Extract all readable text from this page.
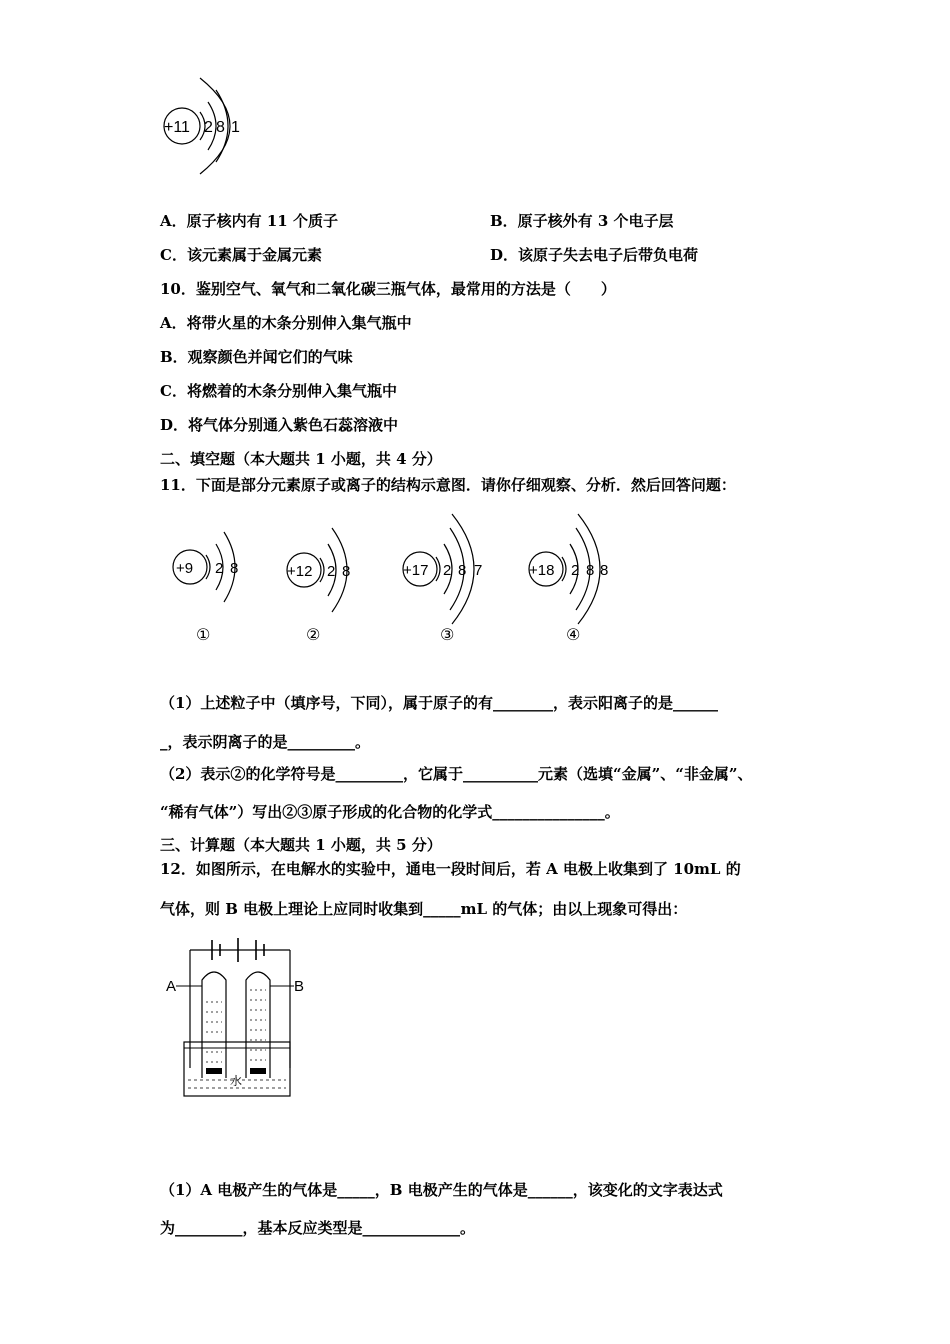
+11 2 8 1
A．原子核内有 11 个质子	B．原子核外有 3 个电子层
C．该元素属于金属元素	D．该原子失去电子后带负电荷
10．鉴别空气、氧气和二氧化碳三瓶气体，最常用的方法是（　　）
A．将带火星的木条分别伸入集气瓶中
B．观察颜色并闻它们的气味
C．将燃着的木条分别伸入集气瓶中
D．将气体分别通入紫色石蕊溶液中
二、填空题（本大题共 1 小题，共 4 分）
11．下面是部分元素原子或离子的结构示意图．请你仔细观察、分析．然后回答问题：
+9 2 8
①
+12 2 8
②
+17 2 8 7
③
+18 2 8 8
④
（1）上述粒子中（填序号，下同），属于原子的有________，表示阳离子的是______
_，表示阴离子的是_________。
（2）表示②的化学符号是_________，它属于__________元素（选填“金属”、“非金属”、
“稀有气体”）写出②③原子形成的化合物的化学式_______________。
三、计算题（本大题共 1 小题，共 5 分）
12．如图所示，在电解水的实验中，通电一段时间后，若 A 电极上收集到了 10mL 的
气体，则 B 电极上理论上应同时收集到_____mL 的气体；由以上现象可得出：
A	B
水
（1）A 电极产生的气体是_____，B 电极产生的气体是______，该变化的文字表达式
为_________，基本反应类型是_____________。
